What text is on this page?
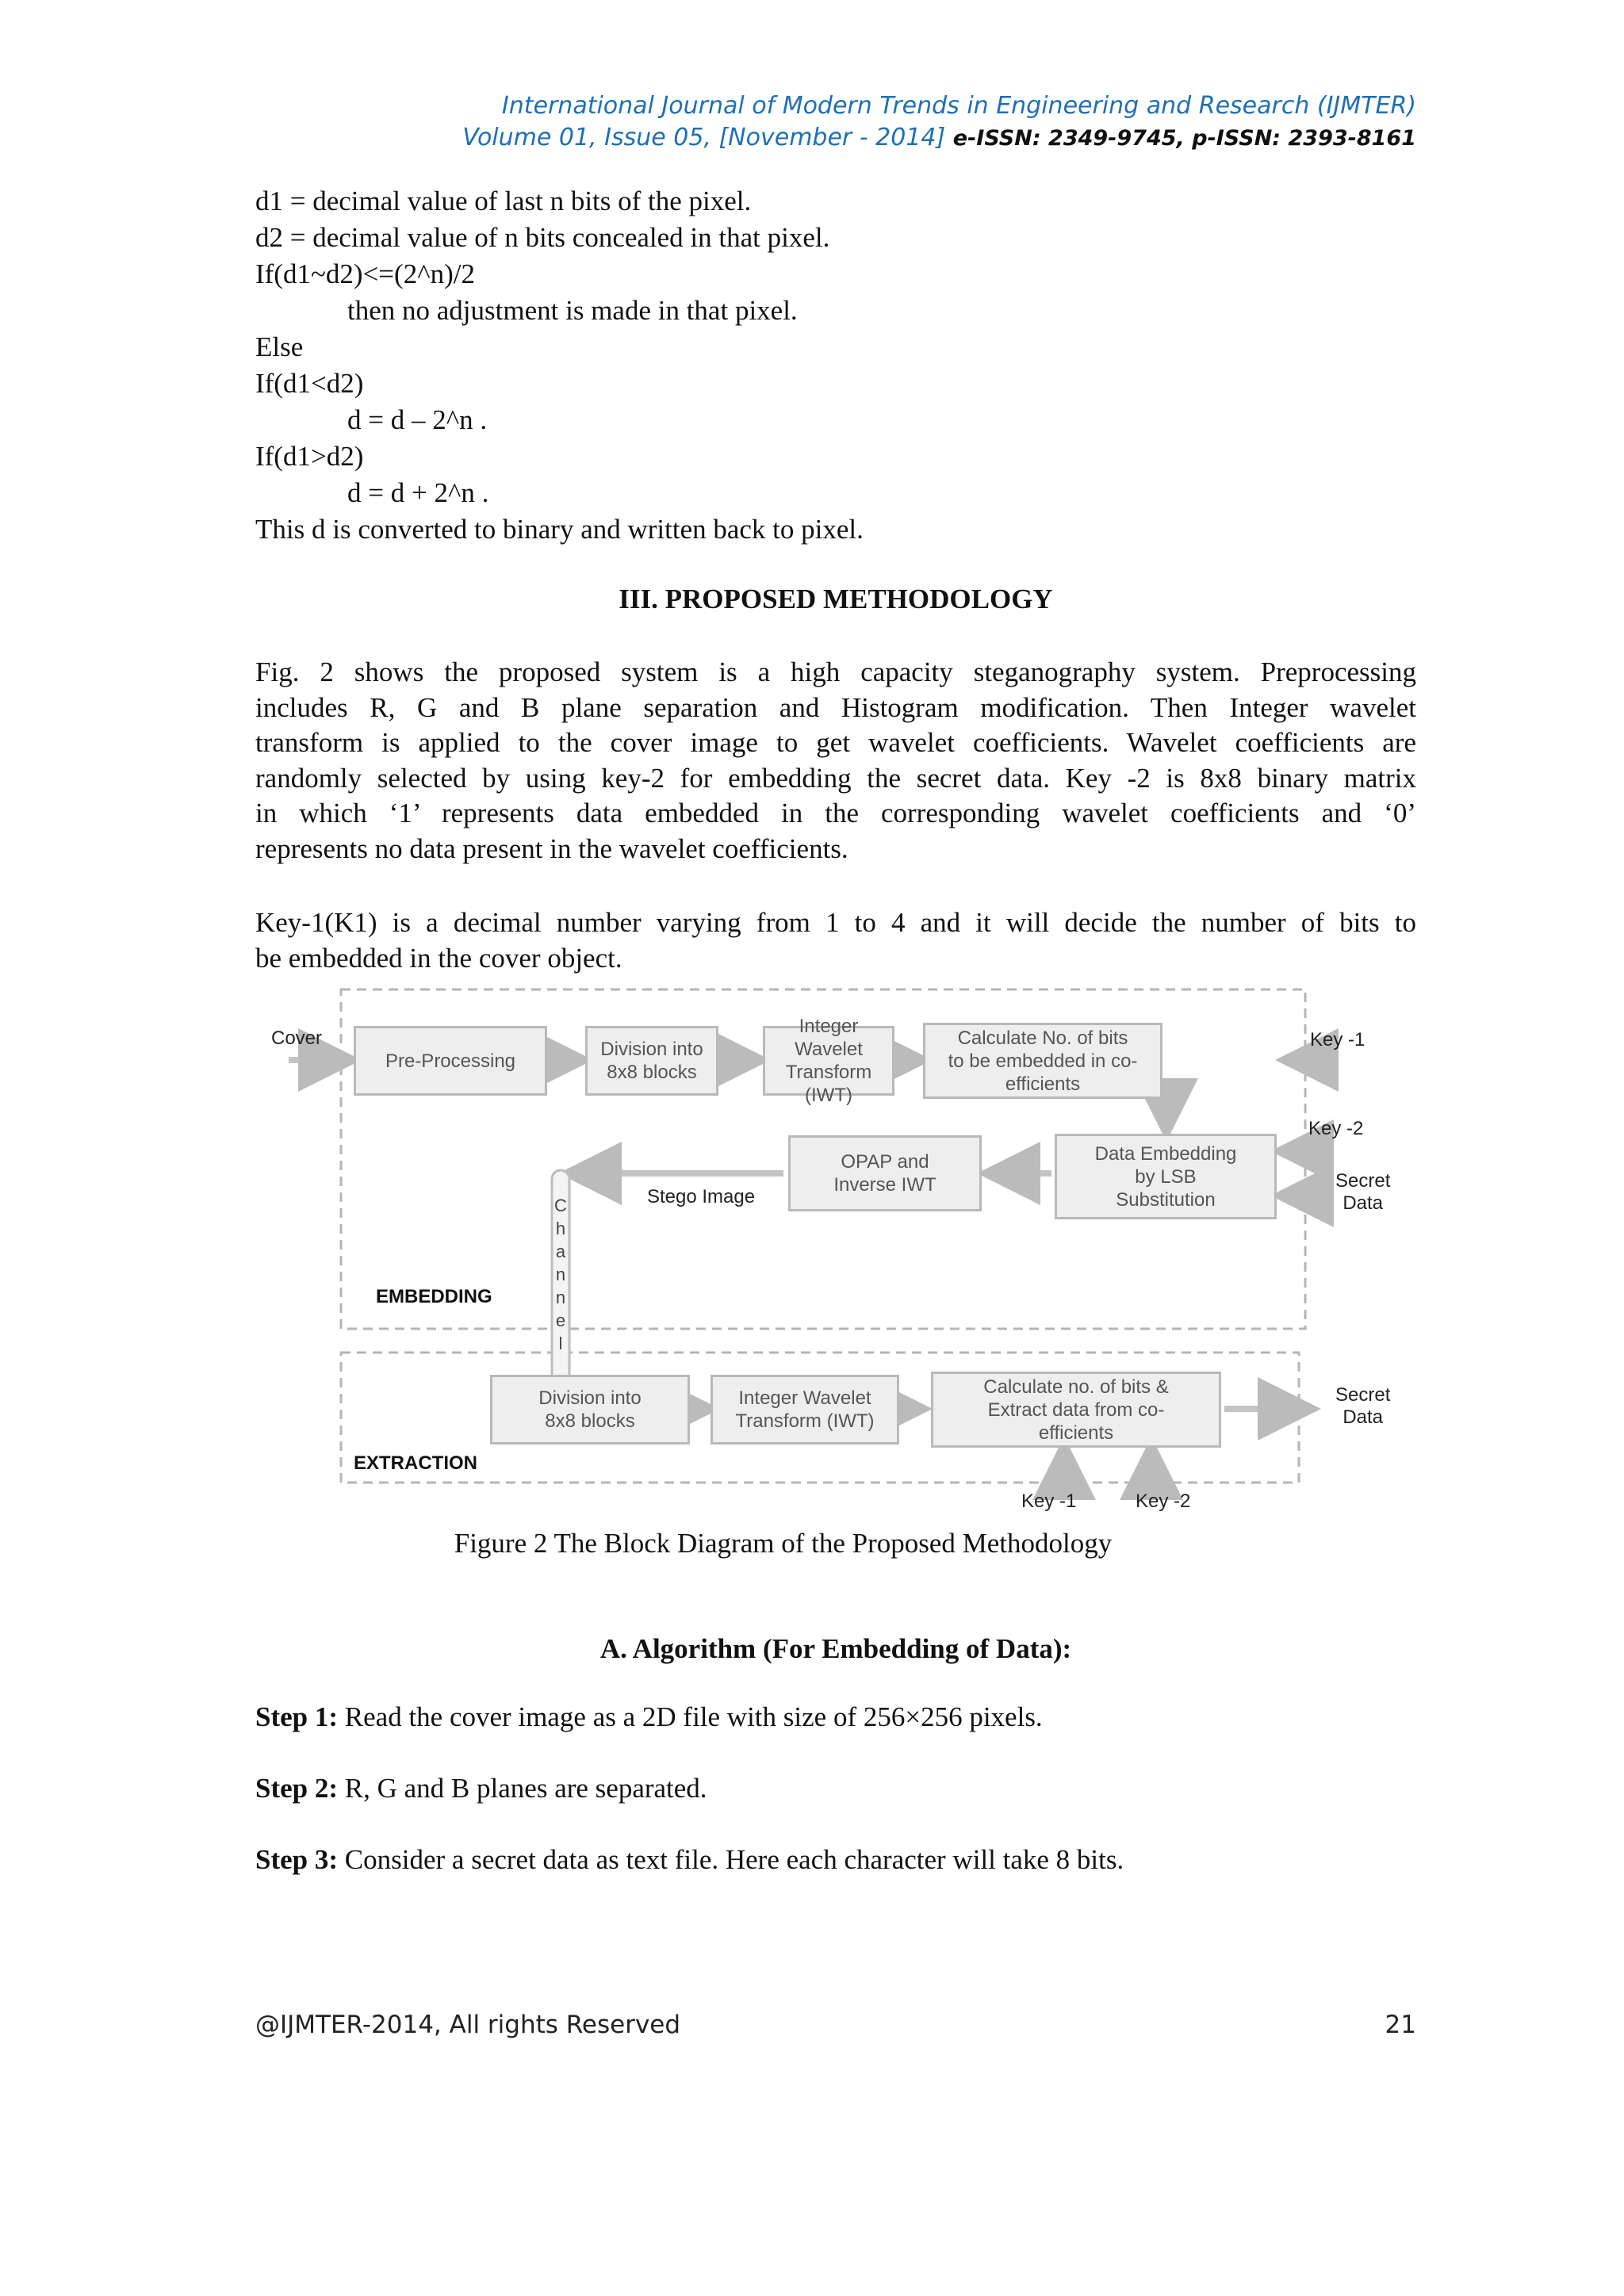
International Journal of Modern Trends in Engineering and Research (IJMTER)
Volume 01, Issue 05, [November - 2014] e-ISSN: 2349-9745, p-ISSN: 2393-8161
d1 = decimal value of last n bits of the pixel.
d2 = decimal value of n bits concealed in that pixel.
If(d1~d2)<=(2^n)/2
then no adjustment is made in that pixel.
Else
If(d1<d2)
d = d – 2^n .
If(d1>d2)
d = d + 2^n .
This d is converted to binary and written back to pixel.
III. PROPOSED METHODOLOGY
Fig. 2 shows the proposed system is a high capacity steganography system. Preprocessing
includes R, G and B plane separation and Histogram modification. Then Integer wavelet
transform is applied to the cover image to get wavelet coefficients. Wavelet coefficients are
randomly selected by using key-2 for embedding the secret data. Key -2 is 8x8 binary matrix
in which ‘1’ represents data embedded in the corresponding wavelet coefficients and ‘0’
represents no data present in the wavelet coefficients.
Key-1(K1) is a decimal number varying from 1 to 4 and it will decide the number of bits to
be embedded in the cover object.
Pre-Processing
Division into
8x8 blocks
Integer Wavelet
Transform (IWT)
Calculate No. of bits
to be embedded in co-
efficients
Data Embedding
by LSB
Substitution
OPAP and
Inverse IWT
Division into
8x8 blocks
Integer Wavelet
Transform (IWT)
Calculate no. of bits &
Extract data from co-
efficients
Cover	Key -1
Key -2
Secret
Data
Stego Image
Secret
Data
Key -1	Key -2
EMBEDDING
EXTRACTION
C
h
a
n
n
e
l
Figure 2 The Block Diagram of the Proposed Methodology
A. Algorithm (For Embedding of Data):
Step 1: Read the cover image as a 2D file with size of 256×256 pixels.
Step 2: R, G and B planes are separated.
Step 3: Consider a secret data as text file. Here each character will take 8 bits.
@IJMTER-2014, All rights Reserved	21
